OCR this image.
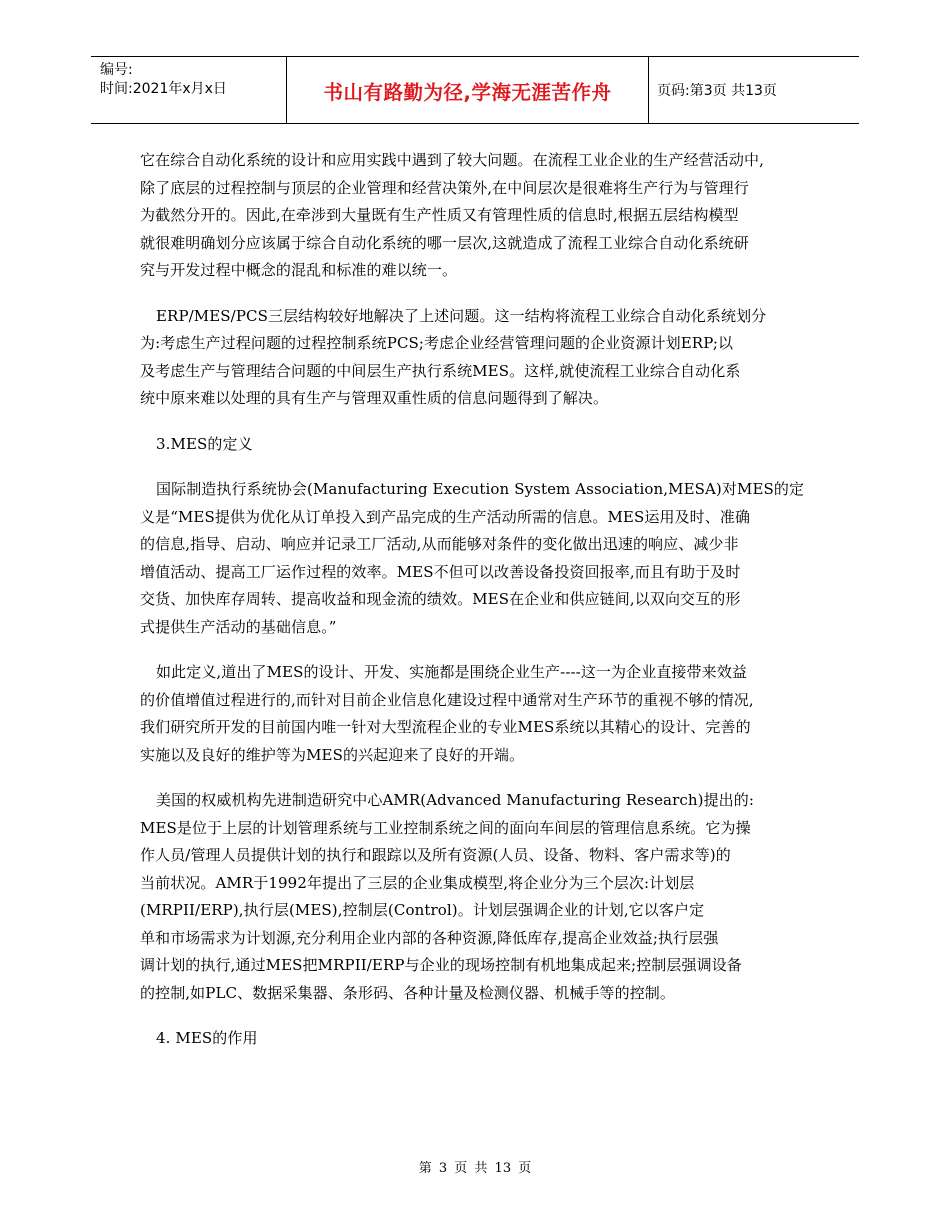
编号:
时间:2021年x月x日	书山有路勤为径,学海无涯苦作舟	页码:第3页 共13页

它在综合自动化系统的设计和应用实践中遇到了较大问题。在流程工业企业的生产经营活动中,

除了底层的过程控制与顶层的企业管理和经营决策外,在中间层次是很难将生产行为与管理行

为截然分开的。因此,在牵涉到大量既有生产性质又有管理性质的信息时,根据五层结构模型

就很难明确划分应该属于综合自动化系统的哪一层次,这就造成了流程工业综合自动化系统研

究与开发过程中概念的混乱和标准的难以统一。

ERP/MES/PCS三层结构较好地解决了上述问题。这一结构将流程工业综合自动化系统划分

为:考虑生产过程问题的过程控制系统PCS;考虑企业经营管理问题的企业资源计划ERP;以

及考虑生产与管理结合问题的中间层生产执行系统MES。这样,就使流程工业综合自动化系

统中原来难以处理的具有生产与管理双重性质的信息问题得到了解决。

3.MES的定义

国际制造执行系统协会(Manufacturing Execution System Association,MESA)对MES的定

义是“MES提供为优化从订单投入到产品完成的生产活动所需的信息。MES运用及时、准确

的信息,指导、启动、响应并记录工厂活动,从而能够对条件的变化做出迅速的响应、减少非

增值活动、提高工厂运作过程的效率。MES不但可以改善设备投资回报率,而且有助于及时

交货、加快库存周转、提高收益和现金流的绩效。MES在企业和供应链间,以双向交互的形

式提供生产活动的基础信息。”

如此定义,道出了MES的设计、开发、实施都是围绕企业生产----这一为企业直接带来效益

的价值增值过程进行的,而针对目前企业信息化建设过程中通常对生产环节的重视不够的情况,

我们研究所开发的目前国内唯一针对大型流程企业的专业MES系统以其精心的设计、完善的

实施以及良好的维护等为MES的兴起迎来了良好的开端。

美国的权威机构先进制造研究中心AMR(Advanced Manufacturing Research)提出的:

MES是位于上层的计划管理系统与工业控制系统之间的面向车间层的管理信息系统。它为操

作人员/管理人员提供计划的执行和跟踪以及所有资源(人员、设备、物料、客户需求等)的

当前状况。AMR于1992年提出了三层的企业集成模型,将企业分为三个层次:计划层

(MRPII/ERP),执行层(MES),控制层(Control)。计划层强调企业的计划,它以客户定

单和市场需求为计划源,充分利用企业内部的各种资源,降低库存,提高企业效益;执行层强

调计划的执行,通过MES把MRPII/ERP与企业的现场控制有机地集成起来;控制层强调设备

的控制,如PLC、数据采集器、条形码、各种计量及检测仪器、机械手等的控制。

4. MES的作用

第 3 页 共 13 页
